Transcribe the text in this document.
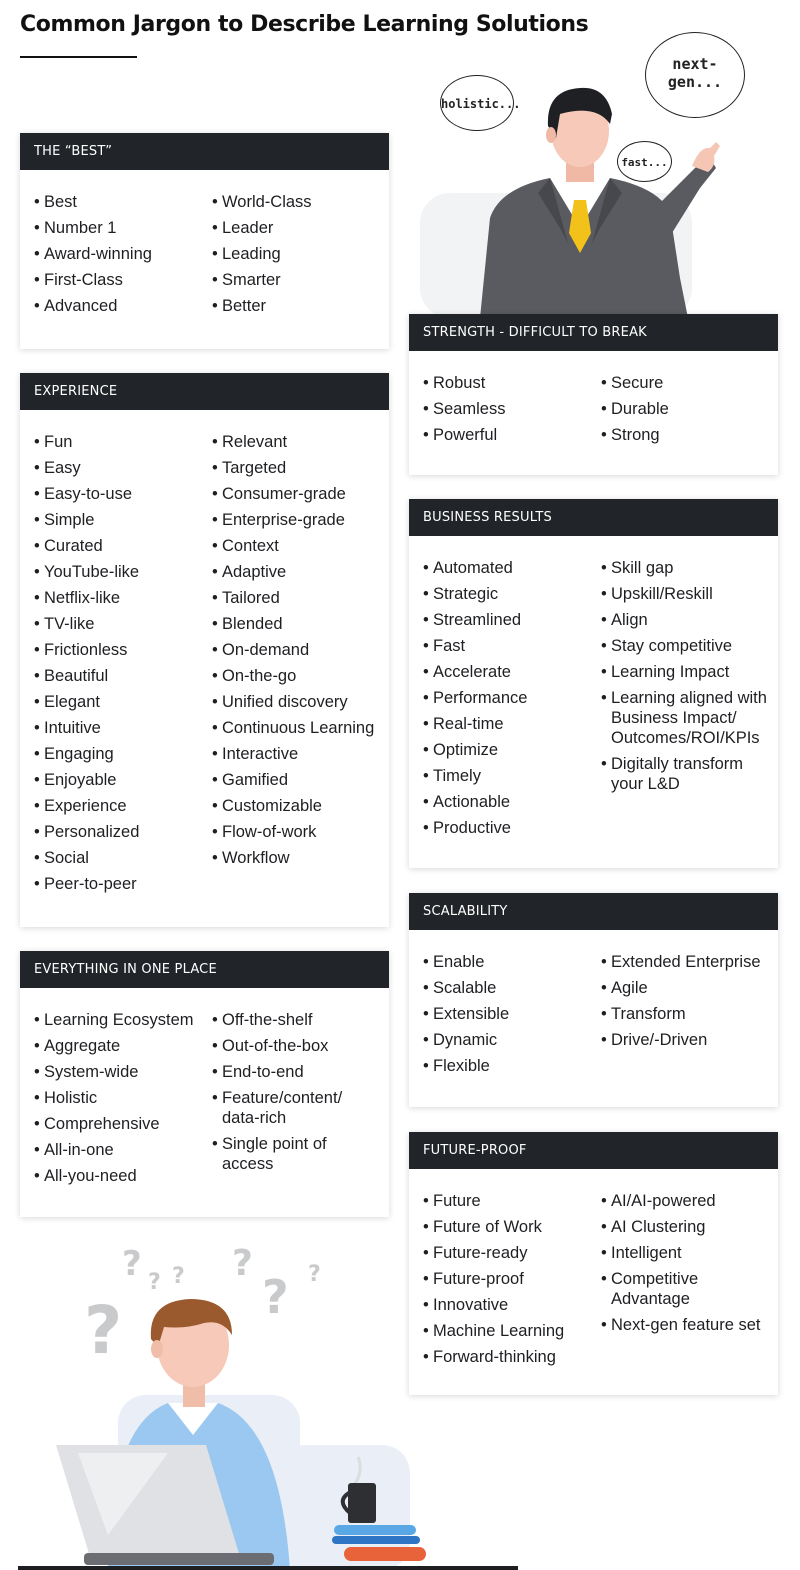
Common Jargon to Describe Learning Solutions
holistic...
fast...
next-
gen...
THE “BEST”
• Best
• Number 1
• Award-winning
• First-Class
• Advanced
• World-Class
• Leader
• Leading
• Smarter
• Better
EXPERIENCE
• Fun
• Easy
• Easy-to-use
• Simple
• Curated
• YouTube-like
• Netflix-like
• TV-like
• Frictionless
• Beautiful
• Elegant
• Intuitive
• Engaging
• Enjoyable
• Experience
• Personalized
• Social
• Peer-to-peer
• Relevant
• Targeted
• Consumer-grade
• Enterprise-grade
• Context
• Adaptive
• Tailored
• Blended
• On-demand
• On-the-go
• Unified discovery
• Continuous Learning
• Interactive
• Gamified
• Customizable
• Flow-of-work
• Workflow
EVERYTHING IN ONE PLACE
• Learning Ecosystem
• Aggregate
• System-wide
• Holistic
• Comprehensive
• All-in-one
• All-you-need
• Off-the-shelf
• Out-of-the-box
• End-to-end
• Feature/content/ data-rich
• Single point of access
STRENGTH - DIFFICULT TO BREAK
• Robust
• Seamless
• Powerful
• Secure
• Durable
• Strong
BUSINESS RESULTS
• Automated
• Strategic
• Streamlined
• Fast
• Accelerate
• Performance
• Real-time
• Optimize
• Timely
• Actionable
• Productive
• Skill gap
• Upskill/Reskill
• Align
• Stay competitive
• Learning Impact
• Learning aligned with Business Impact/ Outcomes/ROI/KPIs
• Digitally transform your L&D
SCALABILITY
• Enable
• Scalable
• Extensible
• Dynamic
• Flexible
• Extended Enterprise
• Agile
• Transform
• Drive/-Driven
FUTURE-PROOF
• Future
• Future of Work
• Future-ready
• Future-proof
• Innovative
• Machine Learning
• Forward-thinking
• AI/AI-powered
• AI Clustering
• Intelligent
• Competitive Advantage
• Next-gen feature set
?
? ? ? ?
? ?
